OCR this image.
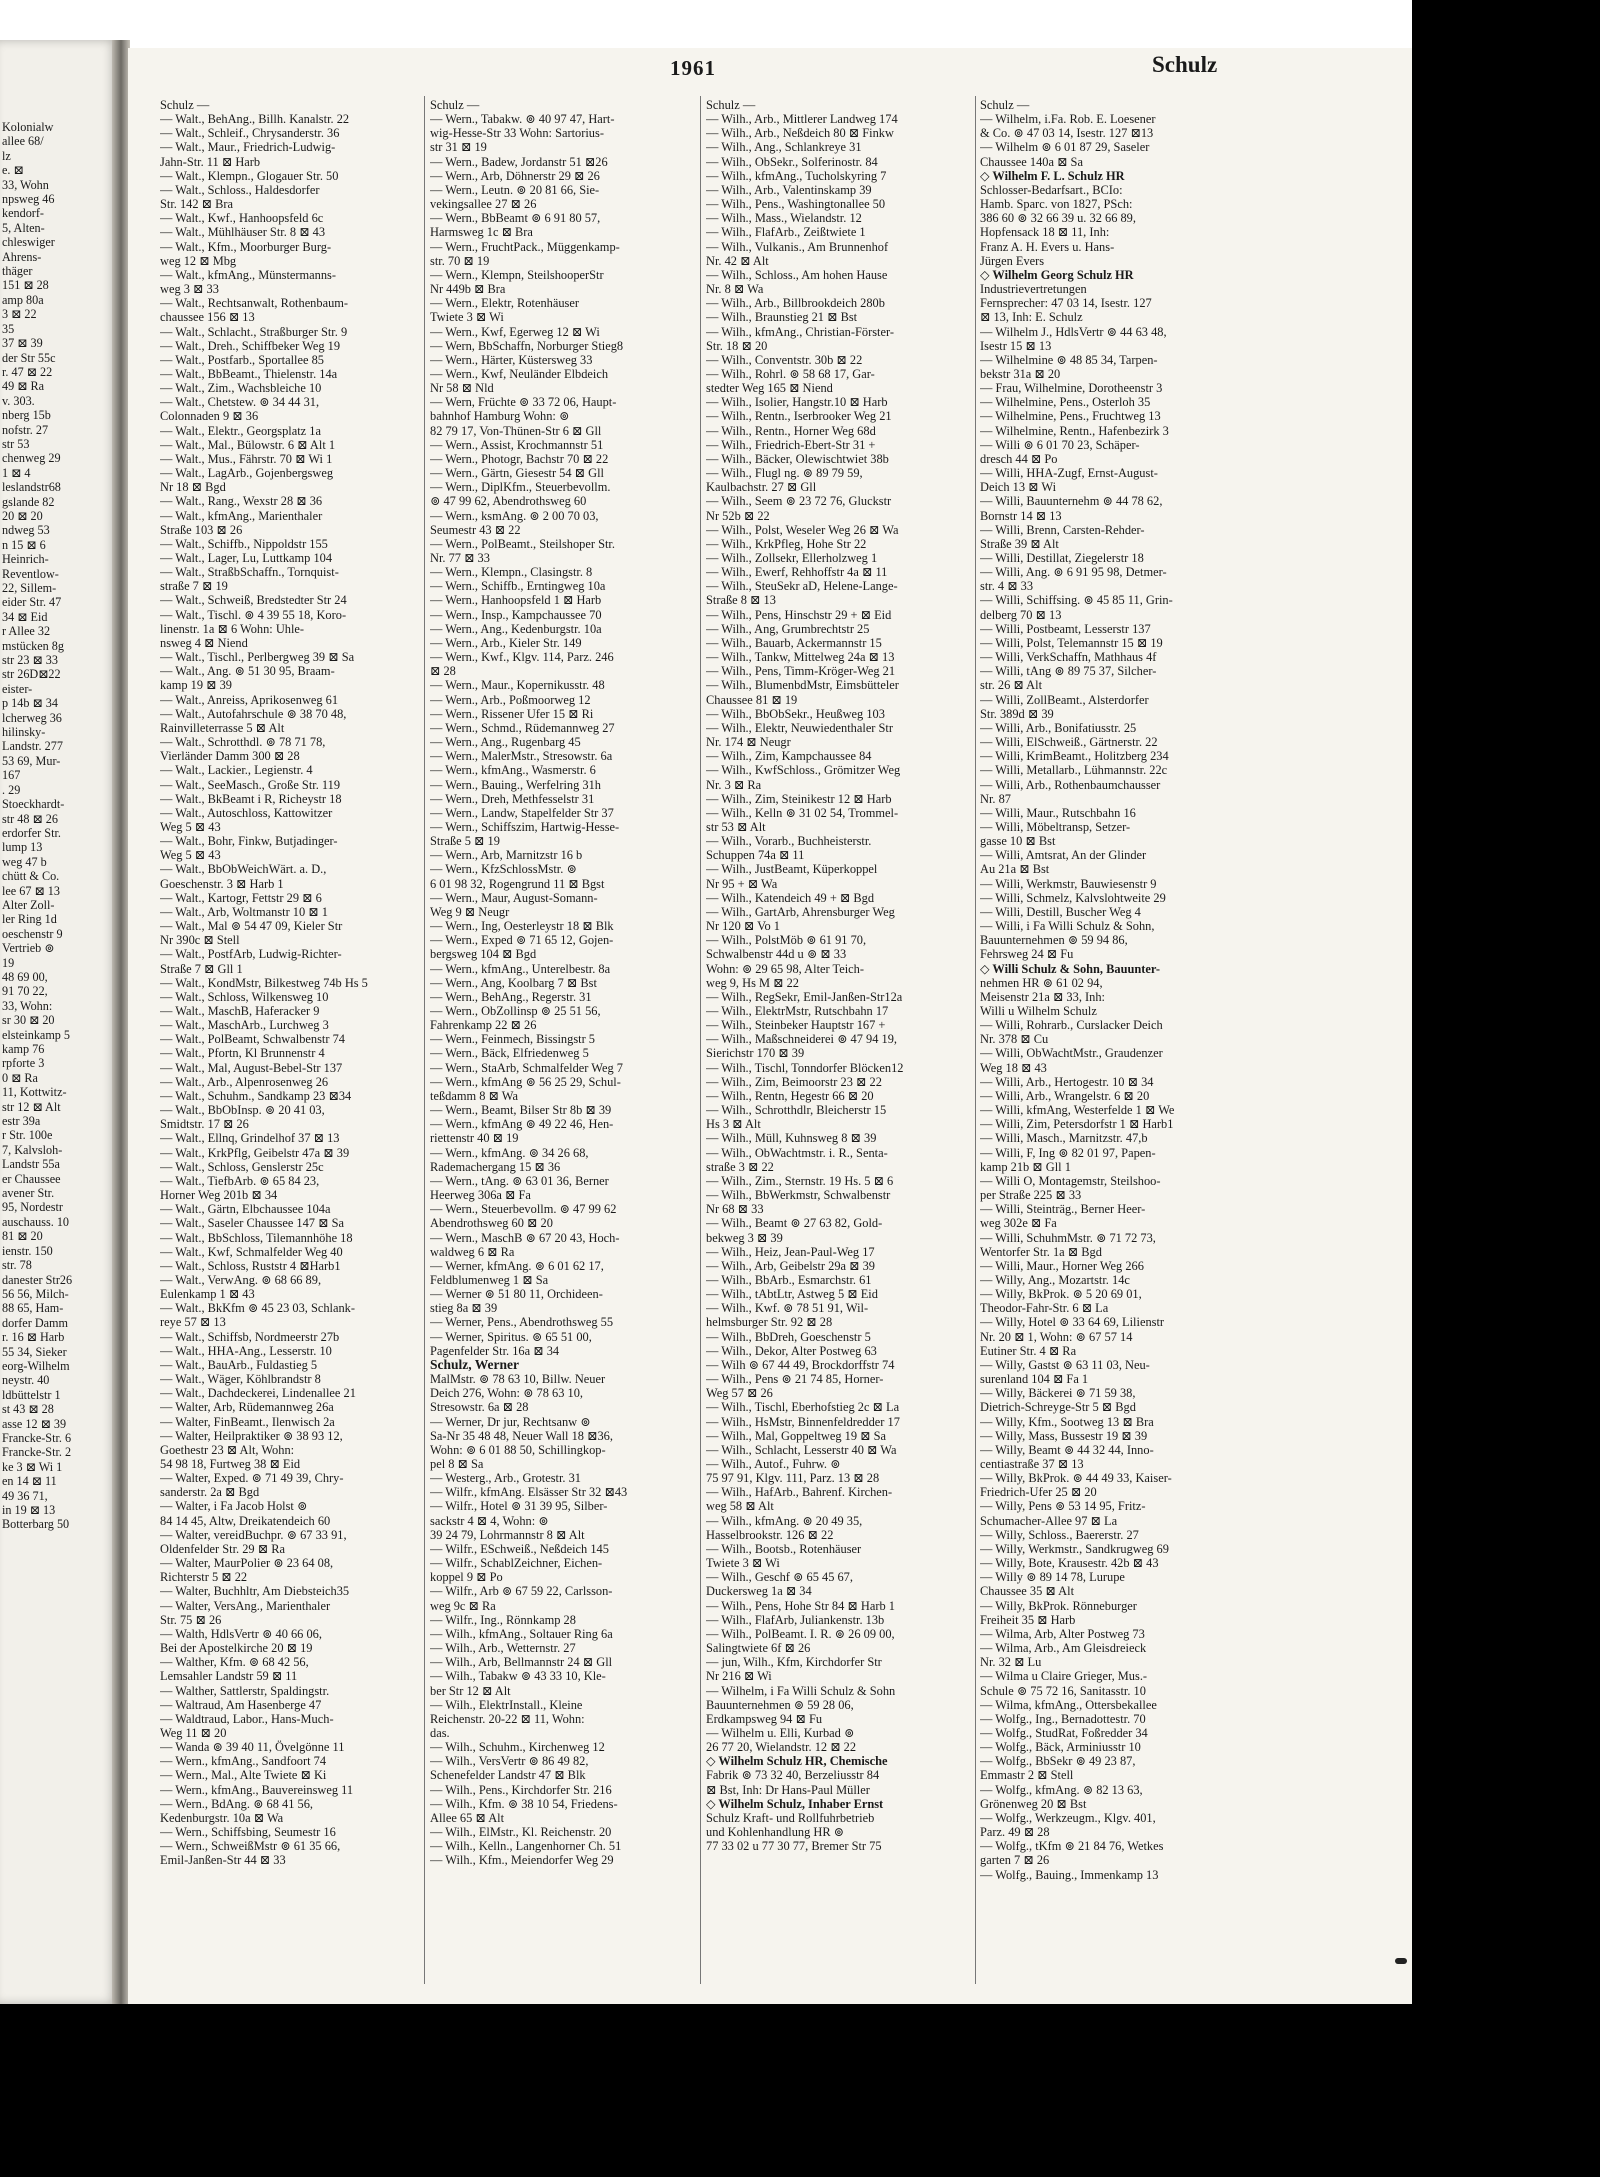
Kolonialw
allee 68/
lz
e. ⊠
33, Wohn
npsweg 46
kendorf-
5, Alten-
chleswiger
Ahrens-
thäger
151 ⊠ 28
amp 80a
3 ⊠ 22
35
37 ⊠ 39
der Str 55c
r. 47 ⊠ 22
49 ⊠ Ra
v. 303.
nberg 15b
nofstr. 27
str 53
chenweg 29
1 ⊠ 4
leslandstr68
gslande 82
20 ⊠ 20
ndweg 53
n 15 ⊠ 6
Heinrich-
Reventlow-
22, Sillem-
eider Str. 47
34 ⊠ Eid
r Allee 32
mstücken 8g
str 23 ⊠ 33
str 26D⊠22
eister-
p 14b ⊠ 34
lcherweg 36
hilinsky-
Landstr. 277
53 69, Mur-
167
. 29
Stoeckhardt-
str 48 ⊠ 26
erdorfer Str.
lump 13
weg 47 b
chütt & Co.
lee 67 ⊠ 13
Alter Zoll-
ler Ring 1d
oeschenstr 9
Vertrieb ⊚
19
48 69 00,
91 70 22,
33, Wohn:
sr 30 ⊠ 20
elsteinkamp 5
kamp 76
rpforte 3
0 ⊠ Ra
11, Kottwitz-
str 12 ⊠ Alt
estr 39a
r Str. 100e
7, Kalvsloh-
Landstr 55a
er Chaussee
avener Str.
95, Nordestr
auschauss. 10
81 ⊠ 20
ienstr. 150
str. 78
danester Str26
56 56, Milch-
88 65, Ham-
dorfer Damm
r. 16 ⊠ Harb
55 34, Sieker
eorg-Wilhelm
neystr. 40
ldbüttelstr 1
st 43 ⊠ 28
asse 12 ⊠ 39
Francke-Str. 6
Francke-Str. 2
ke 3 ⊠ Wi 1
en 14 ⊠ 11
49 36 71,
in 19 ⊠ 13
Botterbarg 50
1961	Schulz
Schulz —
— Walt., BehAng., Billh. Kanalstr. 22
— Walt., Schleif., Chrysanderstr. 36
— Walt., Maur., Friedrich-Ludwig-
Jahn-Str. 11 ⊠ Harb
— Walt., Klempn., Glogauer Str. 50
— Walt., Schloss., Haldesdorfer
Str. 142 ⊠ Bra
— Walt., Kwf., Hanhoopsfeld 6c
— Walt., Mühlhäuser Str. 8 ⊠ 43
— Walt., Kfm., Moorburger Burg-
weg 12 ⊠ Mbg
— Walt., kfmAng., Münstermanns-
weg 3 ⊠ 33
— Walt., Rechtsanwalt, Rothenbaum-
chaussee 156 ⊠ 13
— Walt., Schlacht., Straßburger Str. 9
— Walt., Dreh., Schiffbeker Weg 19
— Walt., Postfarb., Sportallee 85
— Walt., BbBeamt., Thielenstr. 14a
— Walt., Zim., Wachsbleiche 10
— Walt., Chetstew. ⊚ 34 44 31,
Colonnaden 9 ⊠ 36
— Walt., Elektr., Georgsplatz 1a
— Walt., Mal., Bülowstr. 6 ⊠ Alt 1
— Walt., Mus., Fährstr. 70 ⊠ Wi 1
— Walt., LagArb., Gojenbergsweg
Nr 18 ⊠ Bgd
— Walt., Rang., Wexstr 28 ⊠ 36
— Walt., kfmAng., Marienthaler
Straße 103 ⊠ 26
— Walt., Schiffb., Nippoldstr 155
— Walt., Lager, Lu, Luttkamp 104
— Walt., StraßbSchaffn., Tornquist-
straße 7 ⊠ 19
— Walt., Schweiß, Bredstedter Str 24
— Walt., Tischl. ⊚ 4 39 55 18, Koro-
linenstr. 1a ⊠ 6 Wohn: Uhle-
nsweg 4 ⊠ Niend
— Walt., Tischl., Perlbergweg 39 ⊠ Sa
— Walt., Ang. ⊚ 51 30 95, Braam-
kamp 19 ⊠ 39
— Walt., Anreiss, Aprikosenweg 61
— Walt., Autofahrschule ⊚ 38 70 48,
Rainvilleterrasse 5 ⊠ Alt
— Walt., Schrotthdl. ⊚ 78 71 78,
Vierländer Damm 300 ⊠ 28
— Walt., Lackier., Legienstr. 4
— Walt., SeeMasch., Große Str. 119
— Walt., BkBeamt i R, Richeystr 18
— Walt., Autoschloss, Kattowitzer
Weg 5 ⊠ 43
— Walt., Bohr, Finkw, Butjadinger-
Weg 5 ⊠ 43
— Walt., BbObWeichWärt. a. D.,
Goeschenstr. 3 ⊠ Harb 1
— Walt., Kartogr, Fettstr 29 ⊠ 6
— Walt., Arb, Woltmanstr 10 ⊠ 1
— Walt., Mal ⊚ 54 47 09, Kieler Str
Nr 390c ⊠ Stell
— Walt., PostfArb, Ludwig-Richter-
Straße 7 ⊠ Gll 1
— Walt., KondMstr, Bilkestweg 74b Hs 5
— Walt., Schloss, Wilkensweg 10
— Walt., MaschB, Haferacker 9
— Walt., MaschArb., Lurchweg 3
— Walt., PolBeamt, Schwalbenstr 74
— Walt., Pfortn, Kl Brunnenstr 4
— Walt., Mal, August-Bebel-Str 137
— Walt., Arb., Alpenrosenweg 26
— Walt., Schuhm., Sandkamp 23 ⊠34
— Walt., BbObInsp. ⊚ 20 41 03,
Smidtstr. 17 ⊠ 26
— Walt., Ellnq, Grindelhof 37 ⊠ 13
— Walt., KrkPflg, Geibelstr 47a ⊠ 39
— Walt., Schloss, Genslerstr 25c
— Walt., TiefbArb. ⊚ 65 84 23,
Horner Weg 201b ⊠ 34
— Walt., Gärtn, Elbchaussee 104a
— Walt., Saseler Chaussee 147 ⊠ Sa
— Walt., BbSchloss, Tilemannhöhe 18
— Walt., Kwf, Schmalfelder Weg 40
— Walt., Schloss, Ruststr 4 ⊠Harb1
— Walt., VerwAng. ⊚ 68 66 89,
Eulenkamp 1 ⊠ 43
— Walt., BkKfm ⊚ 45 23 03, Schlank-
reye 57 ⊠ 13
— Walt., Schiffsb, Nordmeerstr 27b
— Walt., HHA-Ang., Lesserstr. 10
— Walt., BauArb., Fuldastieg 5
— Walt., Wäger, Köhlbrandstr 8
— Walt., Dachdeckerei, Lindenallee 21
— Walter, Arb, Rüdemannweg 26a
— Walter, FinBeamt., Ilenwisch 2a
— Walter, Heilpraktiker ⊚ 38 93 12,
Goethestr 23 ⊠ Alt, Wohn:
54 98 18, Furtweg 38 ⊠ Eid
— Walter, Exped. ⊚ 71 49 39, Chry-
sanderstr. 2a ⊠ Bgd
— Walter, i Fa Jacob Holst ⊚
84 14 45, Altw, Dreikatendeich 60
— Walter, vereidBuchpr. ⊚ 67 33 91,
Oldenfelder Str. 29 ⊠ Ra
— Walter, MaurPolier ⊚ 23 64 08,
Richterstr 5 ⊠ 22
— Walter, Buchhltr, Am Diebsteich35
— Walter, VersAng., Marienthaler
Str. 75 ⊠ 26
— Walth, HdlsVertr ⊚ 40 66 06,
Bei der Apostelkirche 20 ⊠ 19
— Walther, Kfm. ⊚ 68 42 56,
Lemsahler Landstr 59 ⊠ 11
— Walther, Sattlerstr, Spaldingstr.
— Waltraud, Am Hasenberge 47
— Waldtraud, Labor., Hans-Much-
Weg 11 ⊠ 20
— Wanda ⊚ 39 40 11, Övelgönne 11
— Wern., kfmAng., Sandfoort 74
— Wern., Mal., Alte Twiete ⊠ Ki
— Wern., kfmAng., Bauvereinsweg 11
— Wern., BdAng. ⊚ 68 41 56,
Kedenburgstr. 10a ⊠ Wa
— Wern., Schiffsbing, Seumestr 16
— Wern., SchweißMstr ⊚ 61 35 66,
Emil-Janßen-Str 44 ⊠ 33
Schulz —
— Wern., Tabakw. ⊚ 40 97 47, Hart-
wig-Hesse-Str 33 Wohn: Sartorius-
str 31 ⊠ 19
— Wern., Badew, Jordanstr 51 ⊠26
— Wern., Arb, Döhnerstr 29 ⊠ 26
— Wern., Leutn. ⊚ 20 81 66, Sie-
vekingsallee 27 ⊠ 26
— Wern., BbBeamt ⊚ 6 91 80 57,
Harmsweg 1c ⊠ Bra
— Wern., FruchtPack., Müggenkamp-
str. 70 ⊠ 19
— Wern., Klempn, SteilshooperStr
Nr 449b ⊠ Bra
— Wern., Elektr, Rotenhäuser
Twiete 3 ⊠ Wi
— Wern., Kwf, Egerweg 12 ⊠ Wi
— Wern, BbSchaffn, Norburger Stieg8
— Wern., Härter, Küstersweg 33
— Wern., Kwf, Neuländer Elbdeich
Nr 58 ⊠ Nld
— Wern, Früchte ⊚ 33 72 06, Haupt-
bahnhof Hamburg Wohn: ⊚
82 79 17, Von-Thünen-Str 6 ⊠ Gll
— Wern., Assist, Krochmannstr 51
— Wern., Photogr, Bachstr 70 ⊠ 22
— Wern., Gärtn, Giesestr 54 ⊠ Gll
— Wern., DiplKfm., Steuerbevollm.
⊚ 47 99 62, Abendrothsweg 60
— Wern., ksmAng. ⊚ 2 00 70 03,
Seumestr 43 ⊠ 22
— Wern., PolBeamt., Steilshoper Str.
Nr. 77 ⊠ 33
— Wern., Klempn., Clasingstr. 8
— Wern., Schiffb., Erntingweg 10a
— Wern., Hanhoopsfeld 1 ⊠ Harb
— Wern., Insp., Kampchaussee 70
— Wern., Ang., Kedenburgstr. 10a
— Wern., Arb., Kieler Str. 149
— Wern., Kwf., Klgv. 114, Parz. 246
⊠ 28
— Wern., Maur., Kopernikusstr. 48
— Wern., Arb., Poßmoorweg 12
— Wern., Rissener Ufer 15 ⊠ Ri
— Wern., Schmd., Rüdemannweg 27
— Wern., Ang., Rugenbarg 45
— Wern., MalerMstr., Stresowstr. 6a
— Wern., kfmAng., Wasmerstr. 6
— Wern., Bauing., Werfelring 31h
— Wern., Dreh, Methfesselstr 31
— Wern., Landw, Stapelfelder Str 37
— Wern., Schiffszim, Hartwig-Hesse-
Straße 5 ⊠ 19
— Wern., Arb, Marnitzstr 16 b
— Wern., KfzSchlossMstr. ⊚
6 01 98 32, Rogengrund 11 ⊠ Bgst
— Wern., Maur, August-Somann-
Weg 9 ⊠ Neugr
— Wern., Ing, Oesterleystr 18 ⊠ Blk
— Wern., Exped ⊚ 71 65 12, Gojen-
bergsweg 104 ⊠ Bgd
— Wern., kfmAng., Unterelbestr. 8a
— Wern., Ang, Koolbarg 7 ⊠ Bst
— Wern., BehAng., Regerstr. 31
— Wern., ObZollinsp ⊚ 25 51 56,
Fahrenkamp 22 ⊠ 26
— Wern., Feinmech, Bissingstr 5
— Wern., Bäck, Elfriedenweg 5
— Wern., StaArb, Schmalfelder Weg 7
— Wern., kfmAng ⊚ 56 25 29, Schul-
teßdamm 8 ⊠ Wa
— Wern., Beamt, Bilser Str 8b ⊠ 39
— Wern., kfmAng ⊚ 49 22 46, Hen-
riettenstr 40 ⊠ 19
— Wern., kfmAng. ⊚ 34 26 68,
Rademachergang 15 ⊠ 36
— Wern., tAng. ⊚ 63 01 36, Berner
Heerweg 306a ⊠ Fa
— Wern., Steuerbevollm. ⊚ 47 99 62
Abendrothsweg 60 ⊠ 20
— Wern., MaschB ⊚ 67 20 43, Hoch-
waldweg 6 ⊠ Ra
— Werner, kfmAng. ⊚ 6 01 62 17,
Feldblumenweg 1 ⊠ Sa
— Werner ⊚ 51 80 11, Orchideen-
stieg 8a ⊠ 39
— Werner, Pens., Abendrothsweg 55
— Werner, Spiritus. ⊚ 65 51 00,
Pagenfelder Str. 16a ⊠ 34
Schulz, Werner
MalMstr. ⊚ 78 63 10, Billw. Neuer
Deich 276, Wohn: ⊚ 78 63 10,
Stresowstr. 6a ⊠ 28
— Werner, Dr jur, Rechtsanw ⊚
Sa-Nr 35 48 48, Neuer Wall 18 ⊠36,
Wohn: ⊚ 6 01 88 50, Schillingkop-
pel 8 ⊠ Sa
— Westerg., Arb., Grotestr. 31
— Wilfr., kfmAng. Elsässer Str 32 ⊠43
— Wilfr., Hotel ⊚ 31 39 95, Silber-
sackstr 4 ⊠ 4, Wohn: ⊚
39 24 79, Lohrmannstr 8 ⊠ Alt
— Wilfr., ESchweiß., Neßdeich 145
— Wilfr., SchablZeichner, Eichen-
koppel 9 ⊠ Po
— Wilfr., Arb ⊚ 67 59 22, Carlsson-
weg 9c ⊠ Ra
— Wilfr., Ing., Rönnkamp 28
— Wilh., kfmAng., Soltauer Ring 6a
— Wilh., Arb., Wetternstr. 27
— Wilh., Arb, Bellmannstr 24 ⊠ Gll
— Wilh., Tabakw ⊚ 43 33 10, Kle-
ber Str 12 ⊠ Alt
— Wilh., ElektrInstall., Kleine
Reichenstr. 20-22 ⊠ 11, Wohn:
das.
— Wilh., Schuhm., Kirchenweg 12
— Wilh., VersVertr ⊚ 86 49 82,
Schenefelder Landstr 47 ⊠ Blk
— Wilh., Pens., Kirchdorfer Str. 216
— Wilh., Kfm. ⊚ 38 10 54, Friedens-
Allee 65 ⊠ Alt
— Wilh., ElMstr., Kl. Reichenstr. 20
— Wilh., Kelln., Langenhorner Ch. 51
— Wilh., Kfm., Meiendorfer Weg 29
Schulz —
— Wilh., Arb., Mittlerer Landweg 174
— Wilh., Arb., Neßdeich 80 ⊠ Finkw
— Wilh., Ang., Schlankreye 31
— Wilh., ObSekr., Solferinostr. 84
— Wilh., kfmAng., Tucholskyring 7
— Wilh., Arb., Valentinskamp 39
— Wilh., Pens., Washingtonallee 50
— Wilh., Mass., Wielandstr. 12
— Wilh., FlafArb., Zeißtwiete 1
— Wilh., Vulkanis., Am Brunnenhof
Nr. 42 ⊠ Alt
— Wilh., Schloss., Am hohen Hause
Nr. 8 ⊠ Wa
— Wilh., Arb., Billbrookdeich 280b
— Wilh., Braunstieg 21 ⊠ Bst
— Wilh., kfmAng., Christian-Förster-
Str. 18 ⊠ 20
— Wilh., Conventstr. 30b ⊠ 22
— Wilh., Rohrl. ⊚ 58 68 17, Gar-
stedter Weg 165 ⊠ Niend
— Wilh., Isolier, Hangstr.10 ⊠ Harb
— Wilh., Rentn., Iserbrooker Weg 21
— Wilh., Rentn., Horner Weg 68d
— Wilh., Friedrich-Ebert-Str 31 +
— Wilh., Bäcker, Olewischtwiet 38b
— Wilh., Flugl ng. ⊚ 89 79 59,
Kaulbachstr. 27 ⊠ Gll
— Wilh., Seem ⊚ 23 72 76, Gluckstr
Nr 52b ⊠ 22
— Wilh., Polst, Weseler Weg 26 ⊠ Wa
— Wilh., KrkPfleg, Hohe Str 22
— Wilh., Zollsekr, Ellerholzweg 1
— Wilh., Ewerf, Rehhoffstr 4a ⊠ 11
— Wilh., SteuSekr aD, Helene-Lange-
Straße 8 ⊠ 13
— Wilh., Pens, Hinschstr 29 + ⊠ Eid
— Wilh., Ang, Grumbrechtstr 25
— Wilh., Bauarb, Ackermannstr 15
— Wilh., Tankw, Mittelweg 24a ⊠ 13
— Wilh., Pens, Timm-Kröger-Weg 21
— Wilh., BlumenbdMstr, Eimsbütteler
Chaussee 81 ⊠ 19
— Wilh., BbObSekr., Heußweg 103
— Wilh., Elektr, Neuwiedenthaler Str
Nr. 174 ⊠ Neugr
— Wilh., Zim, Kampchaussee 84
— Wilh., KwfSchloss., Grömitzer Weg
Nr. 3 ⊠ Ra
— Wilh., Zim, Steinikestr 12 ⊠ Harb
— Wilh., Kelln ⊚ 31 02 54, Trommel-
str 53 ⊠ Alt
— Wilh., Vorarb., Buchheisterstr.
Schuppen 74a ⊠ 11
— Wilh., JustBeamt, Küperkoppel
Nr 95 + ⊠ Wa
— Wilh., Katendeich 49 + ⊠ Bgd
— Wilh., GartArb, Ahrensburger Weg
Nr 120 ⊠ Vo 1
— Wilh., PolstMöb ⊚ 61 91 70,
Schwalbenstr 44d u ⊚ ⊠ 33
Wohn: ⊚ 29 65 98, Alter Teich-
weg 9, Hs M ⊠ 22
— Wilh., RegSekr, Emil-Janßen-Str12a
— Wilh., ElektrMstr, Rutschbahn 17
— Wilh., Steinbeker Hauptstr 167 +
— Wilh., Maßschneiderei ⊚ 47 94 19,
Sierichstr 170 ⊠ 39
— Wilh., Tischl, Tonndorfer Blöcken12
— Wilh., Zim, Beimoorstr 23 ⊠ 22
— Wilh., Rentn, Hegestr 66 ⊠ 20
— Wilh., Schrotthdlr, Bleicherstr 15
Hs 3 ⊠ Alt
— Wilh., Müll, Kuhnsweg 8 ⊠ 39
— Wilh., ObWachtmstr. i. R., Senta-
straße 3 ⊠ 22
— Wilh., Zim., Sternstr. 19 Hs. 5 ⊠ 6
— Wilh., BbWerkmstr, Schwalbenstr
Nr 68 ⊠ 33
— Wilh., Beamt ⊚ 27 63 82, Gold-
bekweg 3 ⊠ 39
— Wilh., Heiz, Jean-Paul-Weg 17
— Wilh., Arb, Geibelstr 29a ⊠ 39
— Wilh., BbArb., Esmarchstr. 61
— Wilh., tAbtLtr, Astweg 5 ⊠ Eid
— Wilh., Kwf. ⊚ 78 51 91, Wil-
helmsburger Str. 92 ⊠ 28
— Wilh., BbDreh, Goeschenstr 5
— Wilh., Dekor, Alter Postweg 63
— Wilh ⊚ 67 44 49, Brockdorffstr 74
— Wilh., Pens ⊚ 21 74 85, Horner-
Weg 57 ⊠ 26
— Wilh., Tischl, Eberhofstieg 2c ⊠ La
— Wilh., HsMstr, Binnenfeldredder 17
— Wilh., Mal, Goppeltweg 19 ⊠ Sa
— Wilh., Schlacht, Lesserstr 40 ⊠ Wa
— Wilh., Autof., Fuhrw. ⊚
75 97 91, Klgv. 111, Parz. 13 ⊠ 28
— Wilh., HafArb., Bahrenf. Kirchen-
weg 58 ⊠ Alt
— Wilh., kfmAng. ⊚ 20 49 35,
Hasselbrookstr. 126 ⊠ 22
— Wilh., Bootsb., Rotenhäuser
Twiete 3 ⊠ Wi
— Wilh., Geschf ⊚ 65 45 67,
Duckersweg 1a ⊠ 34
— Wilh., Pens, Hohe Str 84 ⊠ Harb 1
— Wilh., FlafArb, Juliankenstr. 13b
— Wilh., PolBeamt. I. R. ⊚ 26 09 00,
Salingtwiete 6f ⊠ 26
— jun, Wilh., Kfm, Kirchdorfer Str
Nr 216 ⊠ Wi
— Wilhelm, i Fa Willi Schulz & Sohn
Bauunternehmen ⊚ 59 28 06,
Erdkampsweg 94 ⊠ Fu
— Wilhelm u. Elli, Kurbad ⊚
26 77 20, Wielandstr. 12 ⊠ 22
◇ Wilhelm Schulz HR, Chemische
Fabrik ⊚ 73 32 40, Berzeliusstr 84
⊠ Bst, Inh: Dr Hans-Paul Müller
◇ Wilhelm Schulz, Inhaber Ernst
Schulz Kraft- und Rollfuhrbetrieb
und Kohlenhandlung HR ⊚
77 33 02 u 77 30 77, Bremer Str 75
Schulz —
— Wilhelm, i.Fa. Rob. E. Loesener
& Co. ⊚ 47 03 14, Isestr. 127 ⊠13
— Wilhelm ⊚ 6 01 87 29, Saseler
Chaussee 140a ⊠ Sa
◇ Wilhelm F. L. Schulz HR
Schlosser-Bedarfsart., BCIo:
Hamb. Sparc. von 1827, PSch:
386 60 ⊚ 32 66 39 u. 32 66 89,
Hopfensack 18 ⊠ 11, Inh:
Franz A. H. Evers u. Hans-
Jürgen Evers
◇ Wilhelm Georg Schulz HR
Industrievertretungen
Fernsprecher: 47 03 14, Isestr. 127
⊠ 13, Inh: E. Schulz
— Wilhelm J., HdlsVertr ⊚ 44 63 48,
Isestr 15 ⊠ 13
— Wilhelmine ⊚ 48 85 34, Tarpen-
bekstr 31a ⊠ 20
— Frau, Wilhelmine, Dorotheenstr 3
— Wilhelmine, Pens., Osterloh 35
— Wilhelmine, Pens., Fruchtweg 13
— Wilhelmine, Rentn., Hafenbezirk 3
— Willi ⊚ 6 01 70 23, Schäper-
dresch 44 ⊠ Po
— Willi, HHA-Zugf, Ernst-August-
Deich 13 ⊠ Wi
— Willi, Bauunternehm ⊚ 44 78 62,
Bornstr 14 ⊠ 13
— Willi, Brenn, Carsten-Rehder-
Straße 39 ⊠ Alt
— Willi, Destillat, Ziegelerstr 18
— Willi, Ang. ⊚ 6 91 95 98, Detmer-
str. 4 ⊠ 33
— Willi, Schiffsing. ⊚ 45 85 11, Grin-
delberg 70 ⊠ 13
— Willi, Postbeamt, Lesserstr 137
— Willi, Polst, Telemannstr 15 ⊠ 19
— Willi, VerkSchaffn, Mathhaus 4f
— Willi, tAng ⊚ 89 75 37, Silcher-
str. 26 ⊠ Alt
— Willi, ZollBeamt., Alsterdorfer
Str. 389d ⊠ 39
— Willi, Arb., Bonifatiusstr. 25
— Willi, ElSchweiß., Gärtnerstr. 22
— Willi, KrimBeamt., Holitzberg 234
— Willi, Metallarb., Lühmannstr. 22c
— Willi, Arb., Rothenbaumchausser
Nr. 87
— Willi, Maur., Rutschbahn 16
— Willi, Möbeltransp, Setzer-
gasse 10 ⊠ Bst
— Willi, Amtsrat, An der Glinder
Au 21a ⊠ Bst
— Willi, Werkmstr, Bauwiesenstr 9
— Willi, Schmelz, Kalvslohtweite 29
— Willi, Destill, Buscher Weg 4
— Willi, i Fa Willi Schulz & Sohn,
Bauunternehmen ⊚ 59 94 86,
Fehrsweg 24 ⊠ Fu
◇ Willi Schulz & Sohn, Bauunter-
nehmen HR ⊚ 61 02 94,
Meisenstr 21a ⊠ 33, Inh:
Willi u Wilhelm Schulz
— Willi, Rohrarb., Curslacker Deich
Nr. 378 ⊠ Cu
— Willi, ObWachtMstr., Graudenzer
Weg 18 ⊠ 43
— Willi, Arb., Hertogestr. 10 ⊠ 34
— Willi, Arb., Wrangelstr. 6 ⊠ 20
— Willi, kfmAng, Westerfelde 1 ⊠ We
— Willi, Zim, Petersdorfstr 1 ⊠ Harb1
— Willi, Masch., Marnitzstr. 47,b
— Willi, F, Ing ⊚ 82 01 97, Papen-
kamp 21b ⊠ Gll 1
— Willi O, Montagemstr, Steilshoo-
per Straße 225 ⊠ 33
— Willi, Steinträg., Berner Heer-
weg 302e ⊠ Fa
— Willi, SchuhmMstr. ⊚ 71 72 73,
Wentorfer Str. 1a ⊠ Bgd
— Willi, Maur., Horner Weg 266
— Willy, Ang., Mozartstr. 14c
— Willy, BkProk. ⊚ 5 20 69 01,
Theodor-Fahr-Str. 6 ⊠ La
— Willy, Hotel ⊚ 33 64 69, Lilienstr
Nr. 20 ⊠ 1, Wohn: ⊚ 67 57 14
Eutiner Str. 4 ⊠ Ra
— Willy, Gastst ⊚ 63 11 03, Neu-
surenland 104 ⊠ Fa 1
— Willy, Bäckerei ⊚ 71 59 38,
Dietrich-Schreyge-Str 5 ⊠ Bgd
— Willy, Kfm., Sootweg 13 ⊠ Bra
— Willy, Mass, Bussestr 19 ⊠ 39
— Willy, Beamt ⊚ 44 32 44, Inno-
centiastraße 37 ⊠ 13
— Willy, BkProk. ⊚ 44 49 33, Kaiser-
Friedrich-Ufer 25 ⊠ 20
— Willy, Pens ⊚ 53 14 95, Fritz-
Schumacher-Allee 97 ⊠ La
— Willy, Schloss., Baererstr. 27
— Willy, Werkmstr., Sandkrugweg 69
— Willy, Bote, Krausestr. 42b ⊠ 43
— Willy ⊚ 89 14 78, Lurupe
Chaussee 35 ⊠ Alt
— Willy, BkProk. Rönneburger
Freiheit 35 ⊠ Harb
— Wilma, Arb, Alter Postweg 73
— Wilma, Arb., Am Gleisdreieck
Nr. 32 ⊠ Lu
— Wilma u Claire Grieger, Mus.-
Schule ⊚ 75 72 16, Sanitasstr. 10
— Wilma, kfmAng., Ottersbekallee
— Wolfg., Ing., Bernadottestr. 70
— Wolfg., StudRat, Foßredder 34
— Wolfg., Bäck, Arminiusstr 10
— Wolfg., BbSekr ⊚ 49 23 87,
Emmastr 2 ⊠ Stell
— Wolfg., kfmAng. ⊚ 82 13 63,
Grönenweg 20 ⊠ Bst
— Wolfg., Werkzeugm., Klgv. 401,
Parz. 49 ⊠ 28
— Wolfg., tKfm ⊚ 21 84 76, Wetkes
garten 7 ⊠ 26
— Wolfg., Bauing., Immenkamp 13
